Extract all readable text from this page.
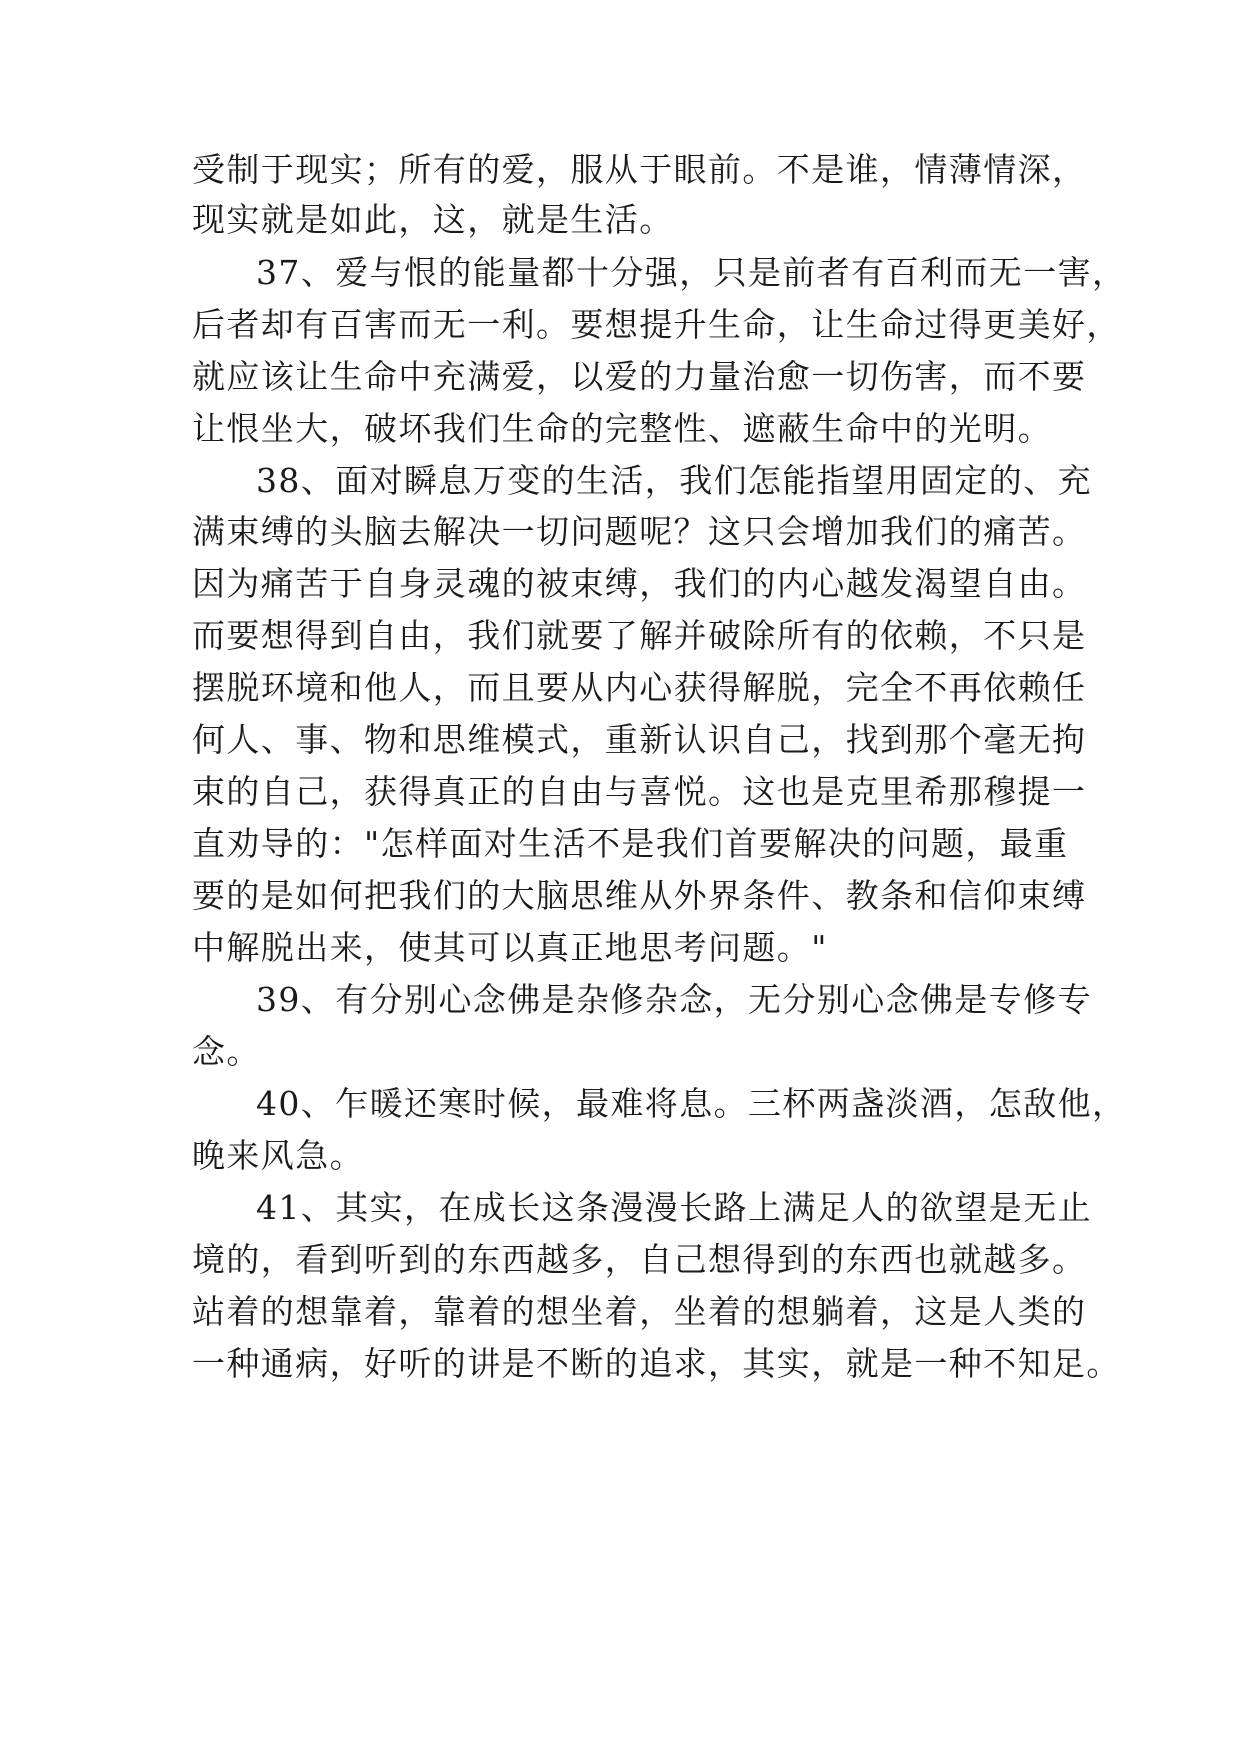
受制于现实；所有的爱，服从于眼前。不是谁，情薄情深，
现实就是如此，这，就是生活。
37、爱与恨的能量都十分强，只是前者有百利而无一害，
后者却有百害而无一利。要想提升生命，让生命过得更美好，
就应该让生命中充满爱，以爱的力量治愈一切伤害，而不要
让恨坐大，破坏我们生命的完整性、遮蔽生命中的光明。
38、面对瞬息万变的生活，我们怎能指望用固定的、充
满束缚的头脑去解决一切问题呢？这只会增加我们的痛苦。
因为痛苦于自身灵魂的被束缚，我们的内心越发渴望自由。
而要想得到自由，我们就要了解并破除所有的依赖，不只是
摆脱环境和他人，而且要从内心获得解脱，完全不再依赖任
何人、事、物和思维模式，重新认识自己，找到那个毫无拘
束的自己，获得真正的自由与喜悦。这也是克里希那穆提一
直劝导的："怎样面对生活不是我们首要解决的问题，最重
要的是如何把我们的大脑思维从外界条件、教条和信仰束缚
中解脱出来，使其可以真正地思考问题。"
39、有分别心念佛是杂修杂念，无分别心念佛是专修专
念。
40、乍暖还寒时候，最难将息。三杯两盏淡酒，怎敌他，
晚来风急。
41、其实，在成长这条漫漫长路上满足人的欲望是无止
境的，看到听到的东西越多，自己想得到的东西也就越多。
站着的想靠着，靠着的想坐着，坐着的想躺着，这是人类的
一种通病，好听的讲是不断的追求，其实，就是一种不知足。
